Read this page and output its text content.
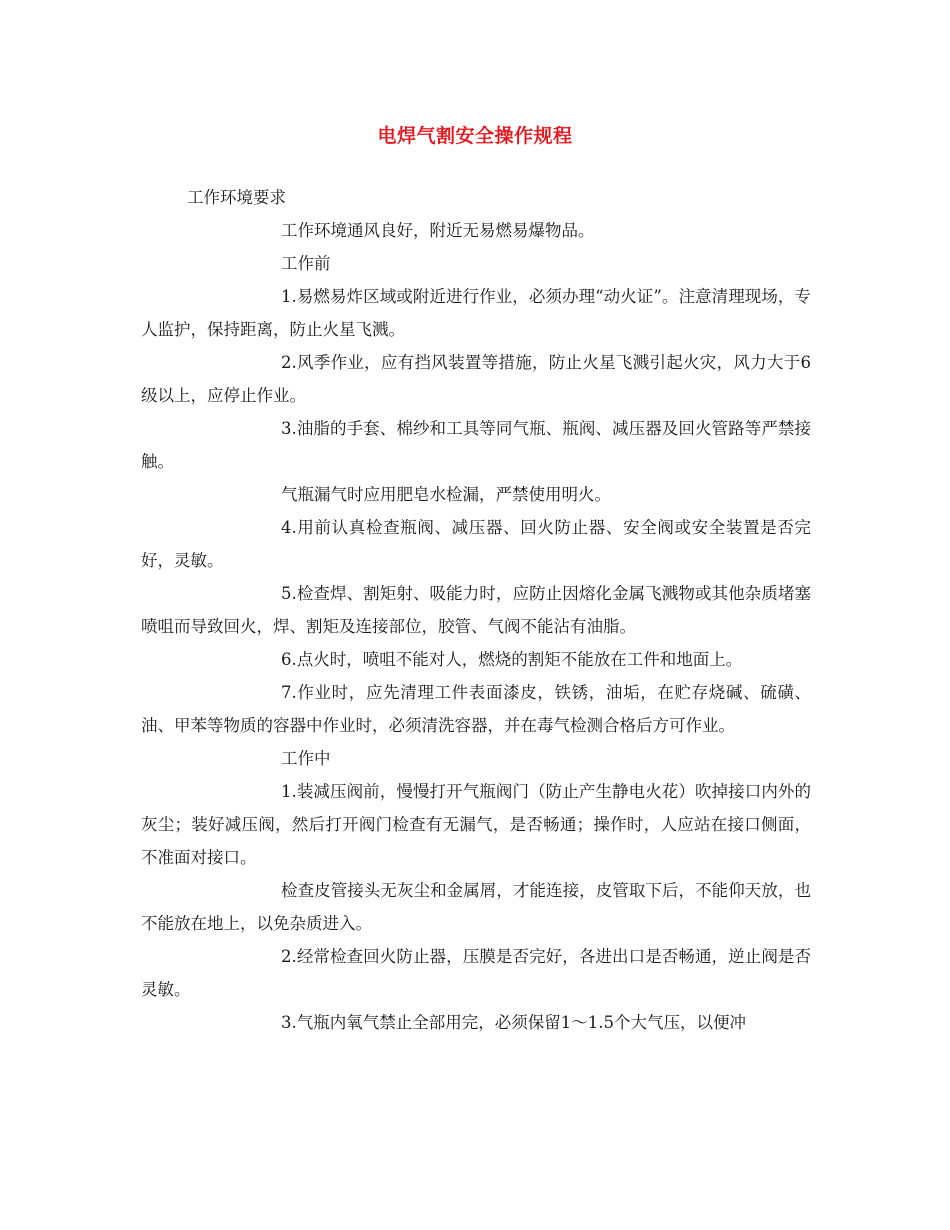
电焊气割安全操作规程

工作环境要求

工作环境通风良好，附近无易燃易爆物品。

工作前

1.易燃易炸区域或附近进行作业，必须办理“动火证”。注意清理现场，专人监护，保持距离，防止火星飞溅。

2.风季作业，应有挡风装置等措施，防止火星飞溅引起火灾，风力大于6级以上，应停止作业。

3.油脂的手套、棉纱和工具等同气瓶、瓶阀、减压器及回火管路等严禁接触。

气瓶漏气时应用肥皂水检漏，严禁使用明火。

4.用前认真检查瓶阀、减压器、回火防止器、安全阀或安全装置是否完好，灵敏。

5.检查焊、割矩射、吸能力时，应防止因熔化金属飞溅物或其他杂质堵塞喷咀而导致回火，焊、割矩及连接部位，胶管、气阀不能沾有油脂。

6.点火时，喷咀不能对人，燃烧的割矩不能放在工件和地面上。

7.作业时，应先清理工件表面漆皮，铁锈，油垢，在贮存烧碱、硫磺、油、甲苯等物质的容器中作业时，必须清洗容器，并在毒气检测合格后方可作业。

工作中

1.装减压阀前，慢慢打开气瓶阀门（防止产生静电火花）吹掉接口内外的灰尘；装好减压阀，然后打开阀门检查有无漏气，是否畅通；操作时，人应站在接口侧面，不准面对接口。

检查皮管接头无灰尘和金属屑，才能连接，皮管取下后，不能仰天放，也不能放在地上，以免杂质进入。

2.经常检查回火防止器，压膜是否完好，各进出口是否畅通，逆止阀是否灵敏。

3.气瓶内氧气禁止全部用完，必须保留1～1.5个大气压，以便冲
